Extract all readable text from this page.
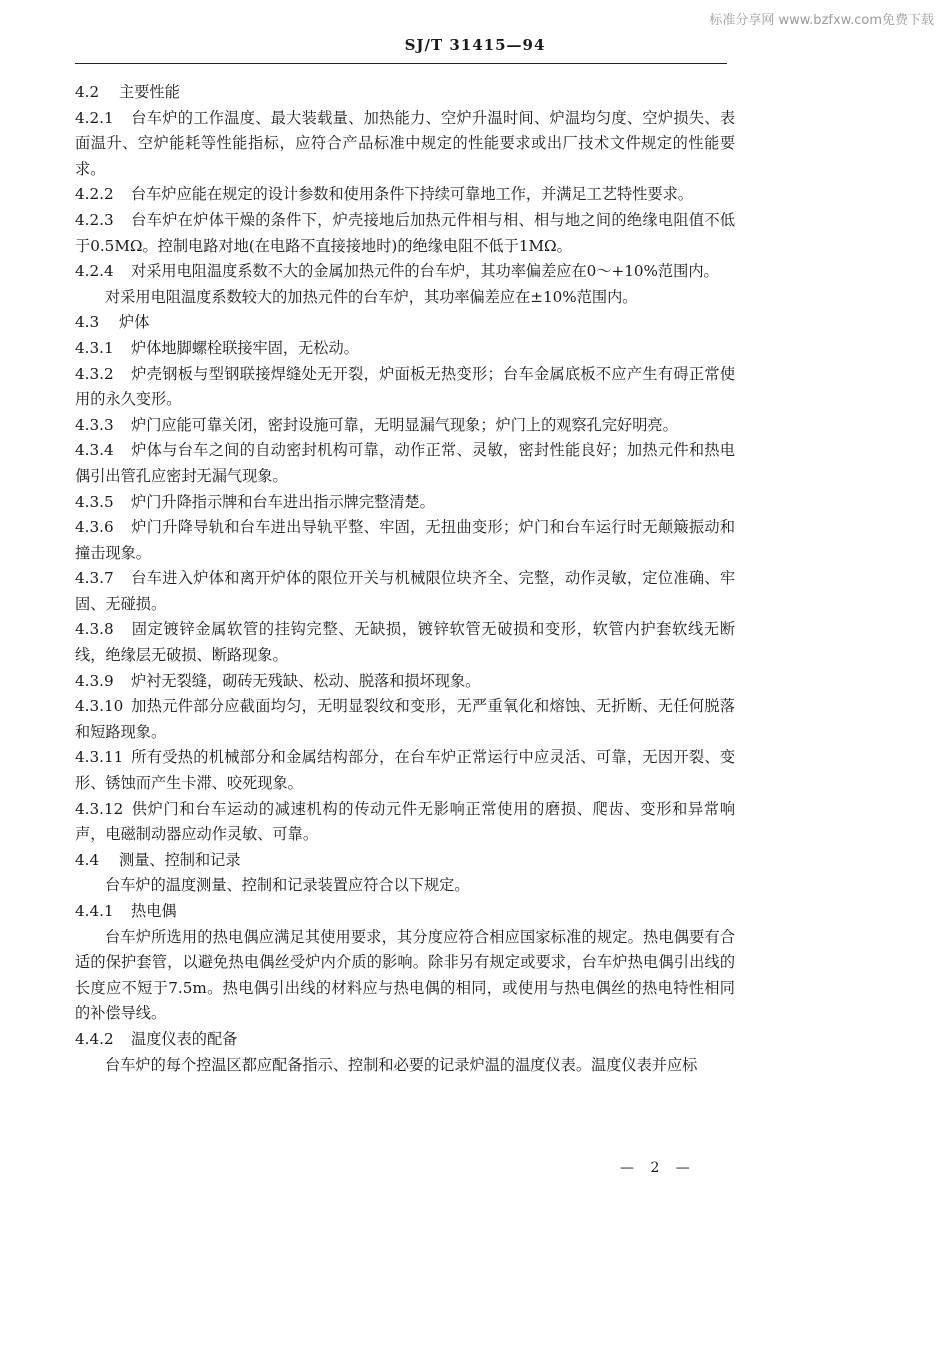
标准分享网 www.bzfxw.com免费下载
SJ/T 31415—94
4.2 主要性能
4.2.1 台车炉的工作温度、最大装载量、加热能力、空炉升温时间、炉温均匀度、空炉损失、表面温升、空炉能耗等性能指标，应符合产品标准中规定的性能要求或出厂技术文件规定的性能要求。
4.2.2 台车炉应能在规定的设计参数和使用条件下持续可靠地工作，并满足工艺特性要求。
4.2.3 台车炉在炉体干燥的条件下，炉壳接地后加热元件相与相、相与地之间的绝缘电阻值不低于0.5MΩ。控制电路对地(在电路不直接接地时)的绝缘电阻不低于1MΩ。
4.2.4 对采用电阻温度系数不大的金属加热元件的台车炉，其功率偏差应在0～+10%范围内。
对采用电阻温度系数较大的加热元件的台车炉，其功率偏差应在±10%范围内。
4.3 炉体
4.3.1 炉体地脚螺栓联接牢固，无松动。
4.3.2 炉壳钢板与型钢联接焊缝处无开裂，炉面板无热变形；台车金属底板不应产生有碍正常使用的永久变形。
4.3.3 炉门应能可靠关闭，密封设施可靠，无明显漏气现象；炉门上的观察孔完好明亮。
4.3.4 炉体与台车之间的自动密封机构可靠，动作正常、灵敏，密封性能良好；加热元件和热电偶引出管孔应密封无漏气现象。
4.3.5 炉门升降指示牌和台车进出指示牌完整清楚。
4.3.6 炉门升降导轨和台车进出导轨平整、牢固，无扭曲变形；炉门和台车运行时无颠簸振动和撞击现象。
4.3.7 台车进入炉体和离开炉体的限位开关与机械限位块齐全、完整，动作灵敏，定位准确、牢固、无碰损。
4.3.8 固定镀锌金属软管的挂钩完整、无缺损，镀锌软管无破损和变形，软管内护套软线无断线，绝缘层无破损、断路现象。
4.3.9 炉衬无裂缝，砌砖无残缺、松动、脱落和损坏现象。
4.3.10 加热元件部分应截面均匀，无明显裂纹和变形，无严重氧化和熔蚀、无折断、无任何脱落和短路现象。
4.3.11 所有受热的机械部分和金属结构部分，在台车炉正常运行中应灵活、可靠，无因开裂、变形、锈蚀而产生卡滞、咬死现象。
4.3.12 供炉门和台车运动的减速机构的传动元件无影响正常使用的磨损、爬齿、变形和异常响声，电磁制动器应动作灵敏、可靠。
4.4 测量、控制和记录
台车炉的温度测量、控制和记录装置应符合以下规定。
4.4.1 热电偶
台车炉所选用的热电偶应满足其使用要求，其分度应符合相应国家标准的规定。热电偶要有合适的保护套管，以避免热电偶丝受炉内介质的影响。除非另有规定或要求，台车炉热电偶引出线的长度应不短于7.5m。热电偶引出线的材料应与热电偶的相同，或使用与热电偶丝的热电特性相同的补偿导线。
4.4.2 温度仪表的配备
台车炉的每个控温区都应配备指示、控制和必要的记录炉温的温度仪表。温度仪表并应标
— 2 —
